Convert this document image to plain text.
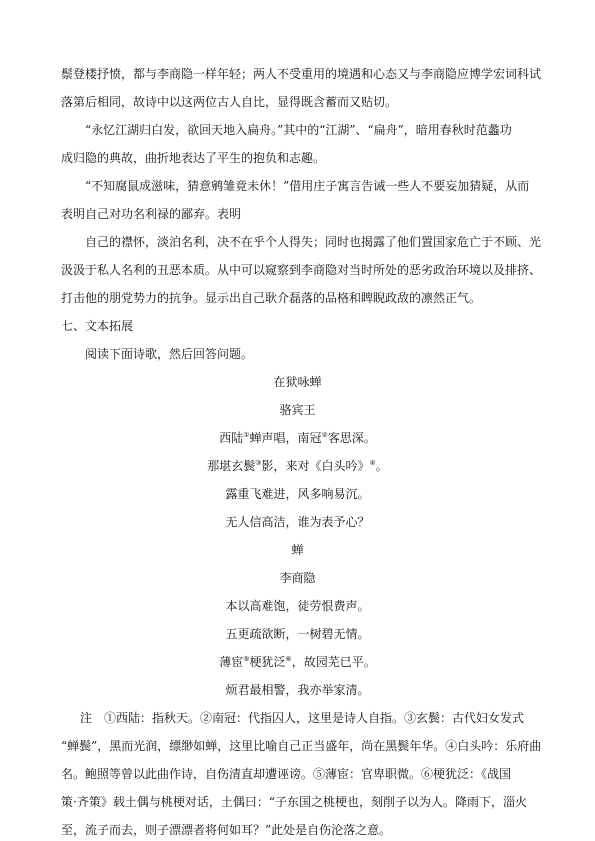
鬃登楼抒愤，都与李商隐一样年轻；两人不受重用的境遇和心态又与李商隐应博学宏词科试
落第后相同，故诗中以这两位古人自比，显得既含蓄而又贴切。
“永忆江湖归白发，欲回天地入扁舟。”其中的“江湖”、“扁舟”，暗用春秋时范蠡功
成归隐的典故，曲折地表达了平生的抱负和志趣。
“不知腐鼠成滋味，猜意鹓雏竟未休！”借用庄子寓言告诫一些人不要妄加猜疑，从而
表明自己对功名利禄的鄙弃。表明
自己的襟怀，淡泊名利，决不在乎个人得失；同时也揭露了他们置国家危亡于不顾、光
汲汲于私人名利的丑恶本质。从中可以窥察到李商隐对当时所处的恶劣政治环境以及排挤、
打击他的朋党势力的抗争。显示出自己耿介磊落的品格和睥睨政敌的凛然正气。
七、文本拓展
阅读下面诗歌，然后回答问题。
在狱咏蝉
骆宾王
西陆①蝉声唱，南冠②客思深。
那堪玄鬓③影，来对《白头吟》④。
露重飞难进，风多响易沉。
无人信高洁，谁为表予心？
蝉
李商隐
本以高难饱，徒劳恨费声。
五更疏欲断，一树碧无情。
薄宦⑤梗犹泛⑥，故园芜已平。
烦君最相警，我亦举家清。
注　①西陆：指秋天。②南冠：代指囚人，这里是诗人自指。③玄鬓：古代妇女发式
“蝉鬓”，黑而光润，缥缈如蝉，这里比喻自己正当盛年，尚在黑鬓年华。④白头吟：乐府曲
名。鲍照等曾以此曲作诗，自伤清直却遭诬谤。⑤薄宦：官卑职微。⑥梗犹泛：《战国
策·齐策》载土偶与桃梗对话，土偶曰：“子东国之桃梗也，刻削子以为人。降雨下，淄火
至，流子而去，则子漂漂者将何如耳？”此处是自伤沦落之意。
